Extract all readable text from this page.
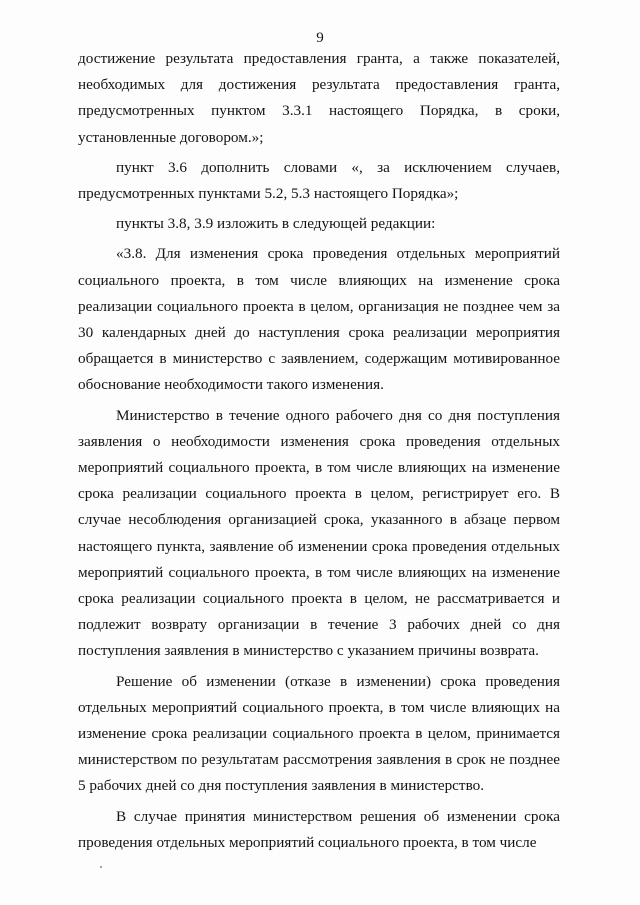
9

достижение результата предоставления гранта, а также показателей, необходимых для достижения результата предоставления гранта, предусмотренных пунктом 3.3.1 настоящего Порядка, в сроки, установленные договором.»;

пункт 3.6 дополнить словами «, за исключением случаев, предусмотренных пунктами 5.2, 5.3 настоящего Порядка»;

пункты 3.8, 3.9 изложить в следующей редакции:

«3.8. Для изменения срока проведения отдельных мероприятий социального проекта, в том числе влияющих на изменение срока реализации социального проекта в целом, организация не позднее чем за 30 календарных дней до наступления срока реализации мероприятия обращается в министерство с заявлением, содержащим мотивированное обоснование необходимости такого изменения.

Министерство в течение одного рабочего дня со дня поступления заявления о необходимости изменения срока проведения отдельных мероприятий социального проекта, в том числе влияющих на изменение срока реализации социального проекта в целом, регистрирует его. В случае несоблюдения организацией срока, указанного в абзаце первом настоящего пункта, заявление об изменении срока проведения отдельных мероприятий социального проекта, в том числе влияющих на изменение срока реализации социального проекта в целом, не рассматривается и подлежит возврату организации в течение 3 рабочих дней со дня поступления заявления в министерство с указанием причины возврата.

Решение об изменении (отказе в изменении) срока проведения отдельных мероприятий социального проекта, в том числе влияющих на изменение срока реализации социального проекта в целом, принимается министерством по результатам рассмотрения заявления в срок не позднее 5 рабочих дней со дня поступления заявления в министерство.

В случае принятия министерством решения об изменении срока проведения отдельных мероприятий социального проекта, в том числе
